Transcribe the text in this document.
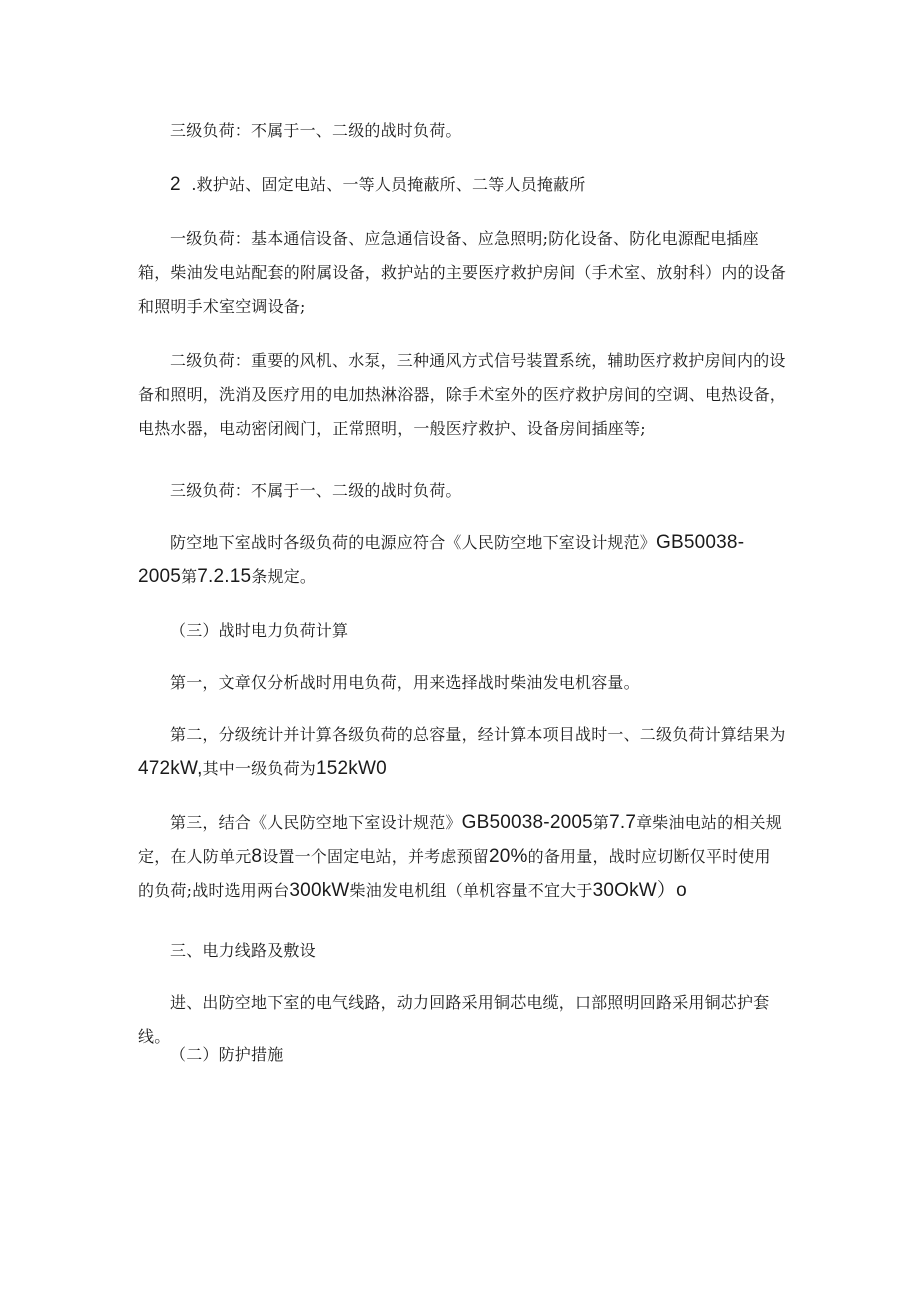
三级负荷：不属于一、二级的战时负荷。

2 .救护站、固定电站、一等人员掩蔽所、二等人员掩蔽所

一级负荷：基本通信设备、应急通信设备、应急照明;防化设备、防化电源配电插座箱，柴油发电站配套的附属设备，救护站的主要医疗救护房间（手术室、放射科）内的设备和照明手术室空调设备;

二级负荷：重要的风机、水泵，三种通风方式信号装置系统，辅助医疗救护房间内的设备和照明，洗消及医疗用的电加热淋浴器，除手术室外的医疗救护房间的空调、电热设备，电热水器，电动密闭阀门，正常照明，一般医疗救护、设备房间插座等;

三级负荷：不属于一、二级的战时负荷。

防空地下室战时各级负荷的电源应符合《人民防空地下室设计规范》GB50038-2005第7.2.15条规定。

（三）战时电力负荷计算

第一，文章仅分析战时用电负荷，用来选择战时柴油发电机容量。

第二，分级统计并计算各级负荷的总容量，经计算本项目战时一、二级负荷计算结果为472kW,其中一级负荷为152kW0

第三，结合《人民防空地下室设计规范》GB50038-2005第7.7章柴油电站的相关规定，在人防单元8设置一个固定电站，并考虑预留20%的备用量，战时应切断仅平时使用的负荷;战时选用两台300kW柴油发电机组（单机容量不宜大于30OkW）o

三、电力线路及敷设

进、出防空地下室的电气线路，动力回路采用铜芯电缆，口部照明回路采用铜芯护套线。

（二）防护措施
